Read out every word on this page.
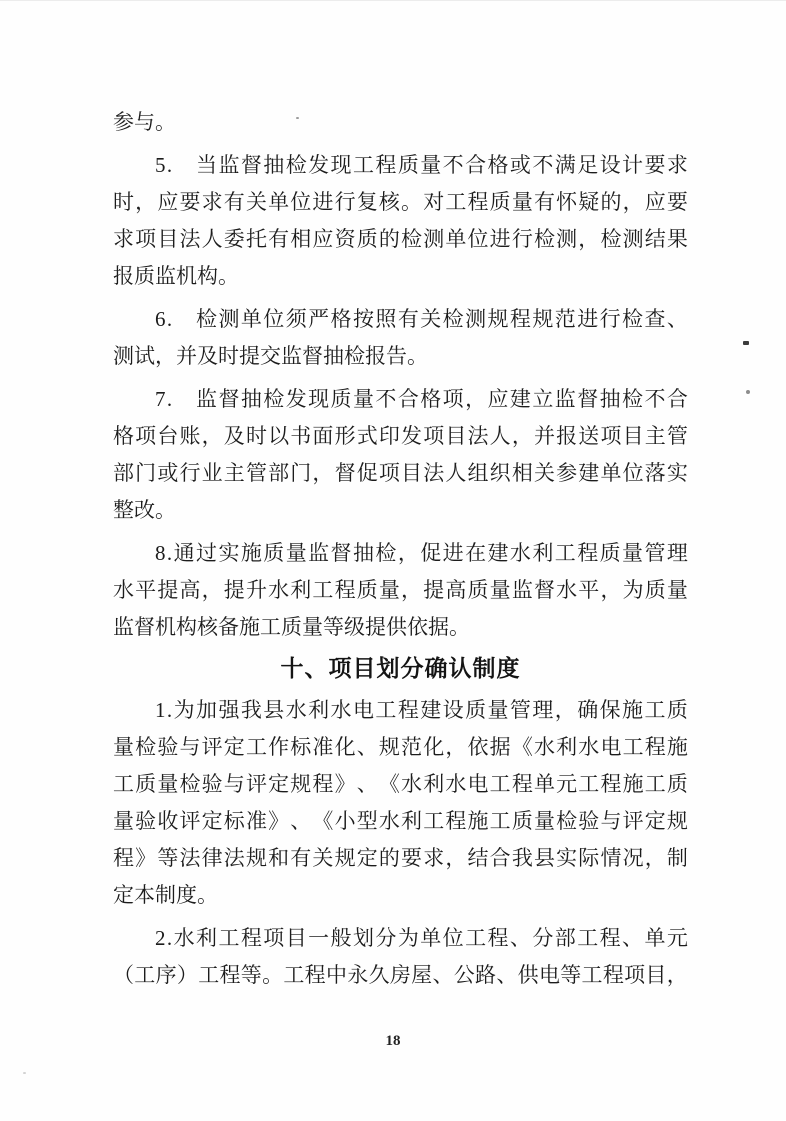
参与。
5 .
　 当 监 督 抽 检 发 现 工 程 质 量 不 合 格 或 不 满 足 设 计 要 求
时 ， 应 要 求 有 关 单 位 进 行 复 核 。 对 工 程 质 量 有 怀 疑 的 ， 应 要
求 项 目 法 人 委 托 有 相 应 资 质 的 检 测 单 位 进 行 检 测 ， 检 测 结 果
报质监机构。
6 .
　 检 测 单 位 须 严 格 按 照 有 关 检 测 规 程 规 范 进 行 检 查 、
测试，并及时提交监督抽检报告。
7 .
　 监 督 抽 检 发 现 质 量 不 合 格 项 ， 应 建 立 监 督 抽 检 不 合
格 项 台 账 ， 及 时 以 书 面 形 式 印 发 项 目 法 人 ， 并 报 送 项 目 主 管
部 门 或 行 业 主 管 部 门 ， 督 促 项 目 法 人 组 织 相 关 参 建 单 位 落 实
整改。
8 . 通 过 实 施 质 量 监 督 抽 检 ， 促 进 在 建 水 利 工 程 质 量 管 理
水 平 提 高 ， 提 升 水 利 工 程 质 量 ， 提 高 质 量 监 督 水 平 ， 为 质 量
监督机构核备施工质量等级提供依据。
十、项目划分确认制度
1 . 为 加 强 我 县 水 利 水 电 工 程 建 设 质 量 管 理 ， 确 保 施 工 质
量 检 验 与 评 定 工 作 标 准 化 、 规 范 化 ， 依 据 《 水 利 水 电 工 程 施
工 质 量 检 验 与 评 定 规 程 》 、 《 水 利 水 电 工 程 单 元 工 程 施 工 质
量 验 收 评 定 标 准 》 、 《 小 型 水 利 工 程 施 工 质 量 检 验 与 评 定 规
程 》 等 法 律 法 规 和 有 关 规 定 的 要 求 ， 结 合 我 县 实 际 情 况 ， 制
定本制度。
2 . 水 利 工 程 项 目 一 般 划 分 为 单 位 工 程 、 分 部 工 程 、 单 元
（ 工 序 ） 工 程 等 。 工 程 中 永 久 房 屋 、 公 路 、 供 电 等 工 程 项 目 ，
18
